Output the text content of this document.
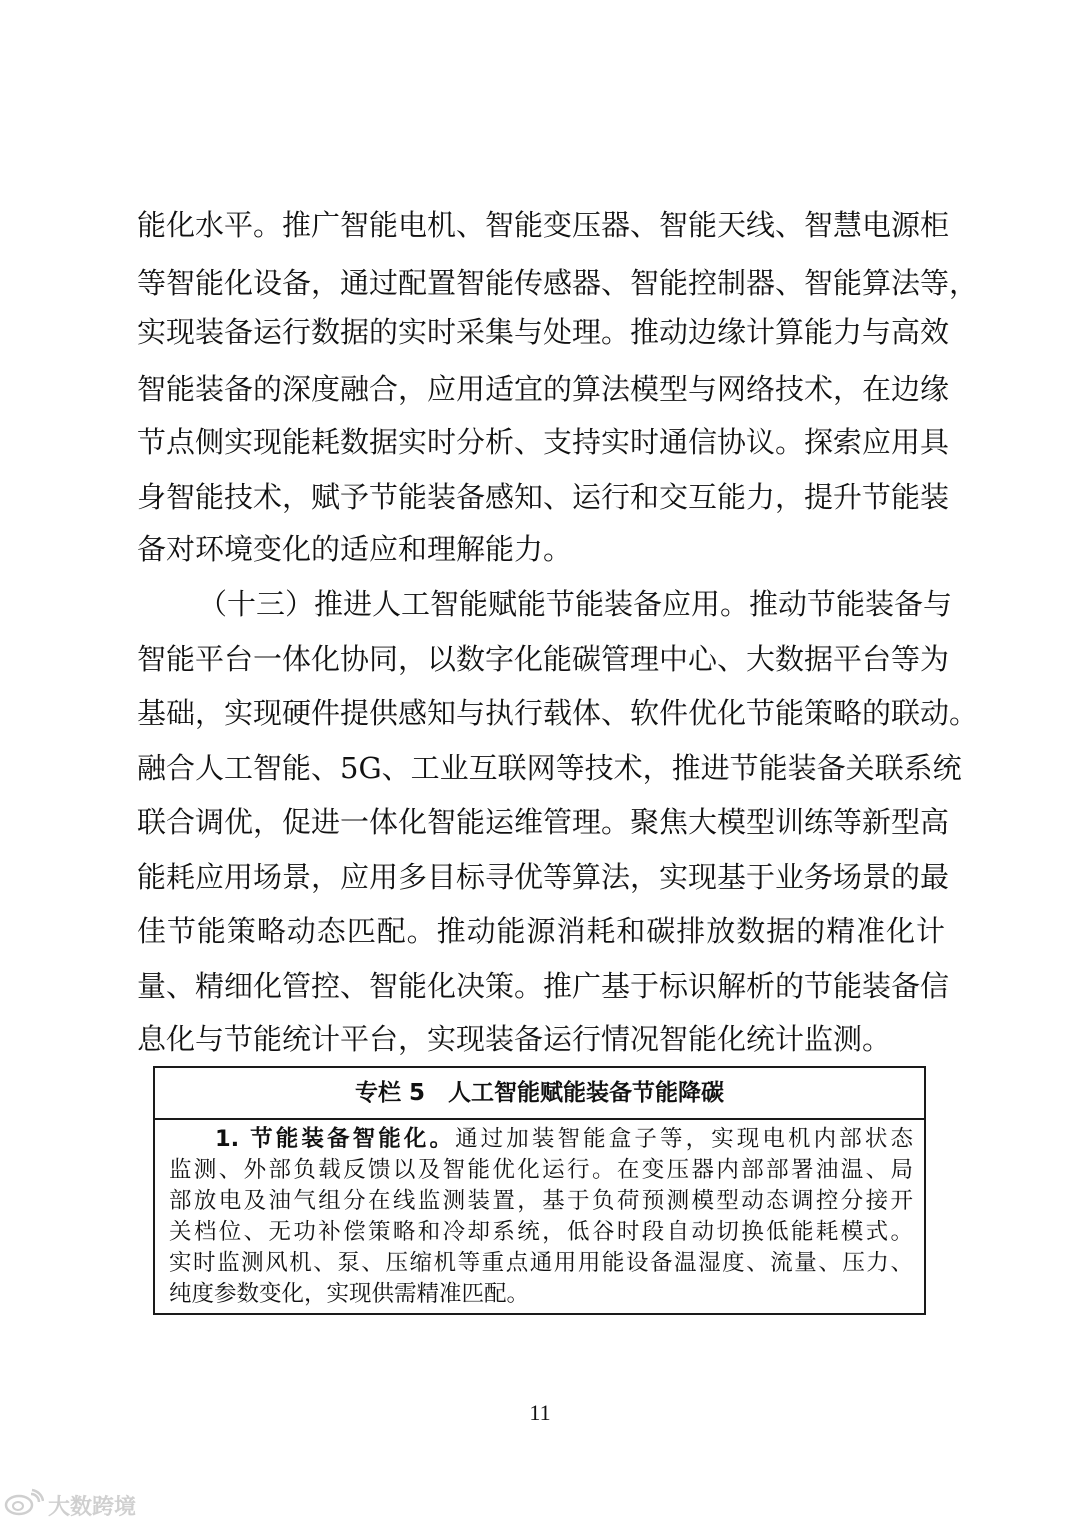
能化水平。推广智能电机、智能变压器、智能天线、智慧电源柜
等智能化设备，通过配置智能传感器、智能控制器、智能算法等，
实现装备运行数据的实时采集与处理。推动边缘计算能力与高效
智能装备的深度融合，应用适宜的算法模型与网络技术，在边缘
节点侧实现能耗数据实时分析、支持实时通信协议。探索应用具
身智能技术，赋予节能装备感知、运行和交互能力，提升节能装
备对环境变化的适应和理解能力。
（十三）推进人工智能赋能节能装备应用。推动节能装备与
智能平台一体化协同，以数字化能碳管理中心、大数据平台等为
基础，实现硬件提供感知与执行载体、软件优化节能策略的联动。
融合人工智能、5G、工业互联网等技术，推进节能装备关联系统
联合调优，促进一体化智能运维管理。聚焦大模型训练等新型高
能耗应用场景，应用多目标寻优等算法，实现基于业务场景的最
佳节能策略动态匹配。推动能源消耗和碳排放数据的精准化计
量、精细化管控、智能化决策。推广基于标识解析的节能装备信
息化与节能统计平台，实现装备运行情况智能化统计监测。
专栏 5　人工智能赋能装备节能降碳
1. 节能装备智能化。通过加装智能盒子等，实现电机内部状态
监测、外部负载反馈以及智能优化运行。在变压器内部部署油温、局
部放电及油气组分在线监测装置，基于负荷预测模型动态调控分接开
关档位、无功补偿策略和冷却系统，低谷时段自动切换低能耗模式。
实时监测风机、泵、压缩机等重点通用用能设备温湿度、流量、压力、
纯度参数变化，实现供需精准匹配。
11
大数跨境
